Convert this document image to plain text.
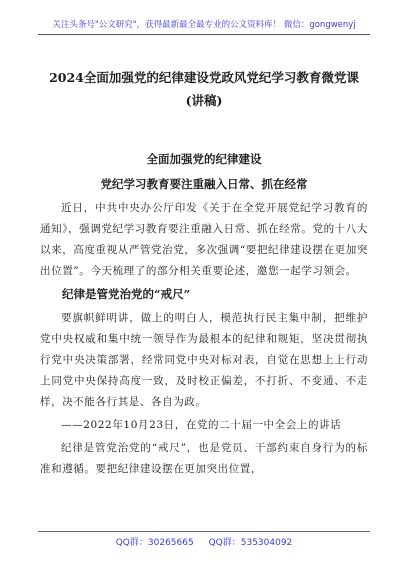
关注头条号"公文研究"，获得最新最全最专业的公文资料库！ 微信：gongwenyj
2024全面加强党的纪律建设党政风党纪学习教育微党课(讲稿)
全面加强党的纪律建设
党纪学习教育要注重融入日常、抓在经常

近日，中共中央办公厅印发《关于在全党开展党纪学习教育的通知》，强调党纪学习教育要注重融入日常、抓在经常。党的十八大以来，高度重视从严管党治党，多次强调“要把纪律建设摆在更加突出位置”。今天梳理了的部分相关重要论述，邀您一起学习领会。

纪律是管党治党的“戒尺”

要旗帜鲜明讲，做上的明白人，模范执行民主集中制，把维护党中央权威和集中统一领导作为最根本的纪律和规矩，坚决贯彻执行党中央决策部署，经常同党中央对标对表，自觉在思想上上行动上同党中央保持高度一致，及时校正偏差，不打折、不变通、不走样，决不能各行其是、各自为政。

——2022年10月23日，在党的二十届一中全会上的讲话

纪律是管党治党的“戒尺”，也是党员、干部约束自身行为的标准和遵循。要把纪律建设摆在更加突出位置，

QQ群：30265665 QQ群：535304092
